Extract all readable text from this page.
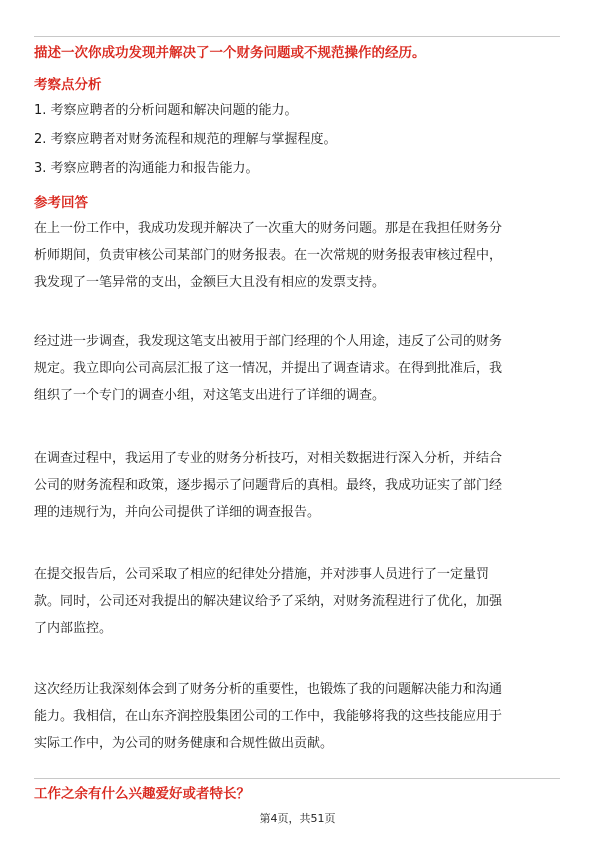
描述一次你成功发现并解决了一个财务问题或不规范操作的经历。
考察点分析
1. 考察应聘者的分析问题和解决问题的能力。
2. 考察应聘者对财务流程和规范的理解与掌握程度。
3. 考察应聘者的沟通能力和报告能力。
参考回答
在上一份工作中，我成功发现并解决了一次重大的财务问题。那是在我担任财务分
析师期间，负责审核公司某部门的财务报表。在一次常规的财务报表审核过程中，
我发现了一笔异常的支出，金额巨大且没有相应的发票支持。
经过进一步调查，我发现这笔支出被用于部门经理的个人用途，违反了公司的财务
规定。我立即向公司高层汇报了这一情况，并提出了调查请求。在得到批准后，我
组织了一个专门的调查小组，对这笔支出进行了详细的调查。
在调查过程中，我运用了专业的财务分析技巧，对相关数据进行深入分析，并结合
公司的财务流程和政策，逐步揭示了问题背后的真相。最终，我成功证实了部门经
理的违规行为，并向公司提供了详细的调查报告。
在提交报告后，公司采取了相应的纪律处分措施，并对涉事人员进行了一定量罚
款。同时，公司还对我提出的解决建议给予了采纳，对财务流程进行了优化，加强
了内部监控。
这次经历让我深刻体会到了财务分析的重要性，也锻炼了我的问题解决能力和沟通
能力。我相信，在山东齐润控股集团公司的工作中，我能够将我的这些技能应用于
实际工作中，为公司的财务健康和合规性做出贡献。
工作之余有什么兴趣爱好或者特长？
第4页，共51页
